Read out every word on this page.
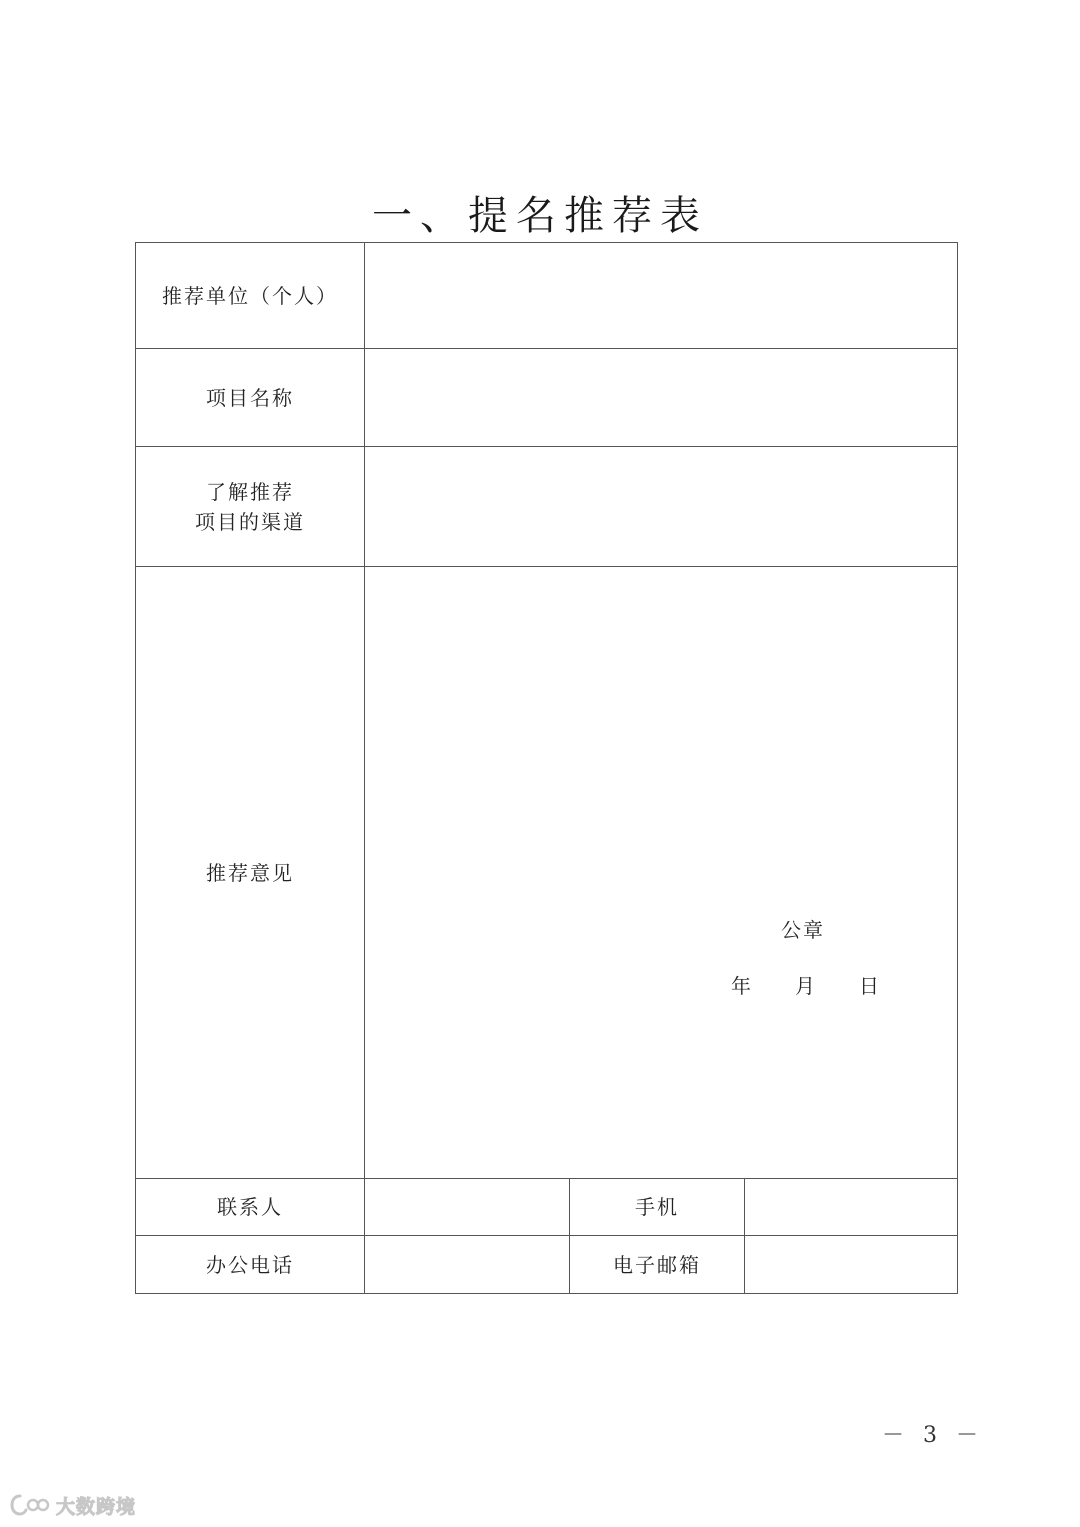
一、提名推荐表
推荐单位（个人）			
项目名称			

了解推荐
项目的渠道			

推荐意见	公章
年 月 日		

联系人		手机	
办公电话		电子邮箱	
－ 3 －
大数跨境
